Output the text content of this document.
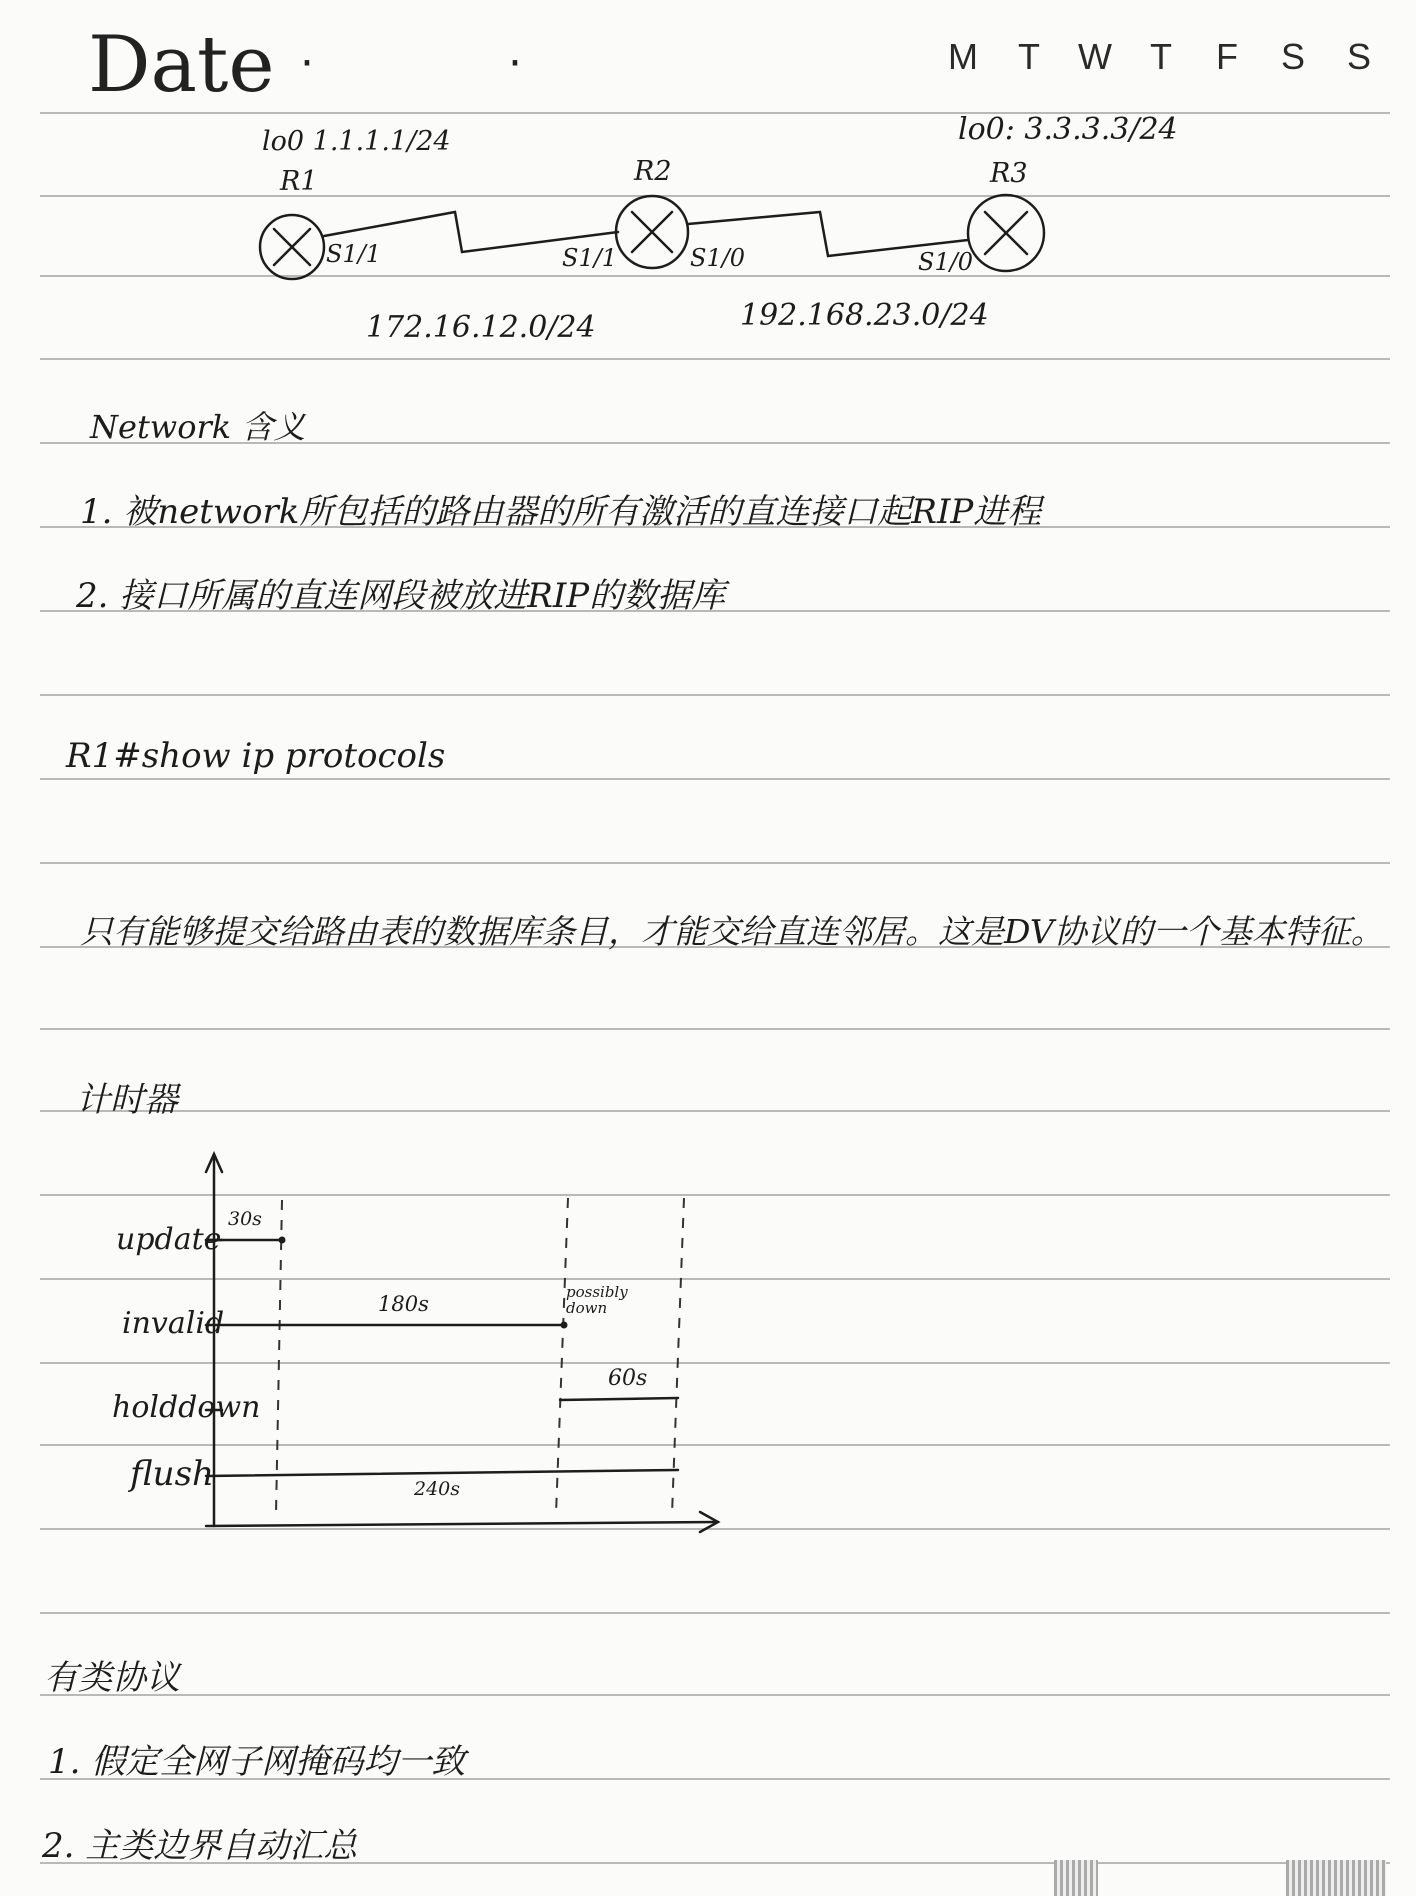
Date · ·	M	T	W	T	F	S	S
lo0 1.1.1.1/24
R1
S1/1
R2
S1/1	S1/0
lo0: 3.3.3.3/24
R3
S1/0
172.16.12.0/24	192.168.23.0/24
Network 含义
1. 被network所包括的路由器的所有激活的直连接口起RIP进程
2. 接口所属的直连网段被放进RIP的数据库
R1#show ip protocols
只有能够提交给路由表的数据库条目，才能交给直连邻居。这是DV协议的一个基本特征。
计时器
update
invalid
holddown
flush
30s
180s	possibly down
60s
240s
有类协议
1. 假定全网子网掩码均一致
2. 主类边界自动汇总
